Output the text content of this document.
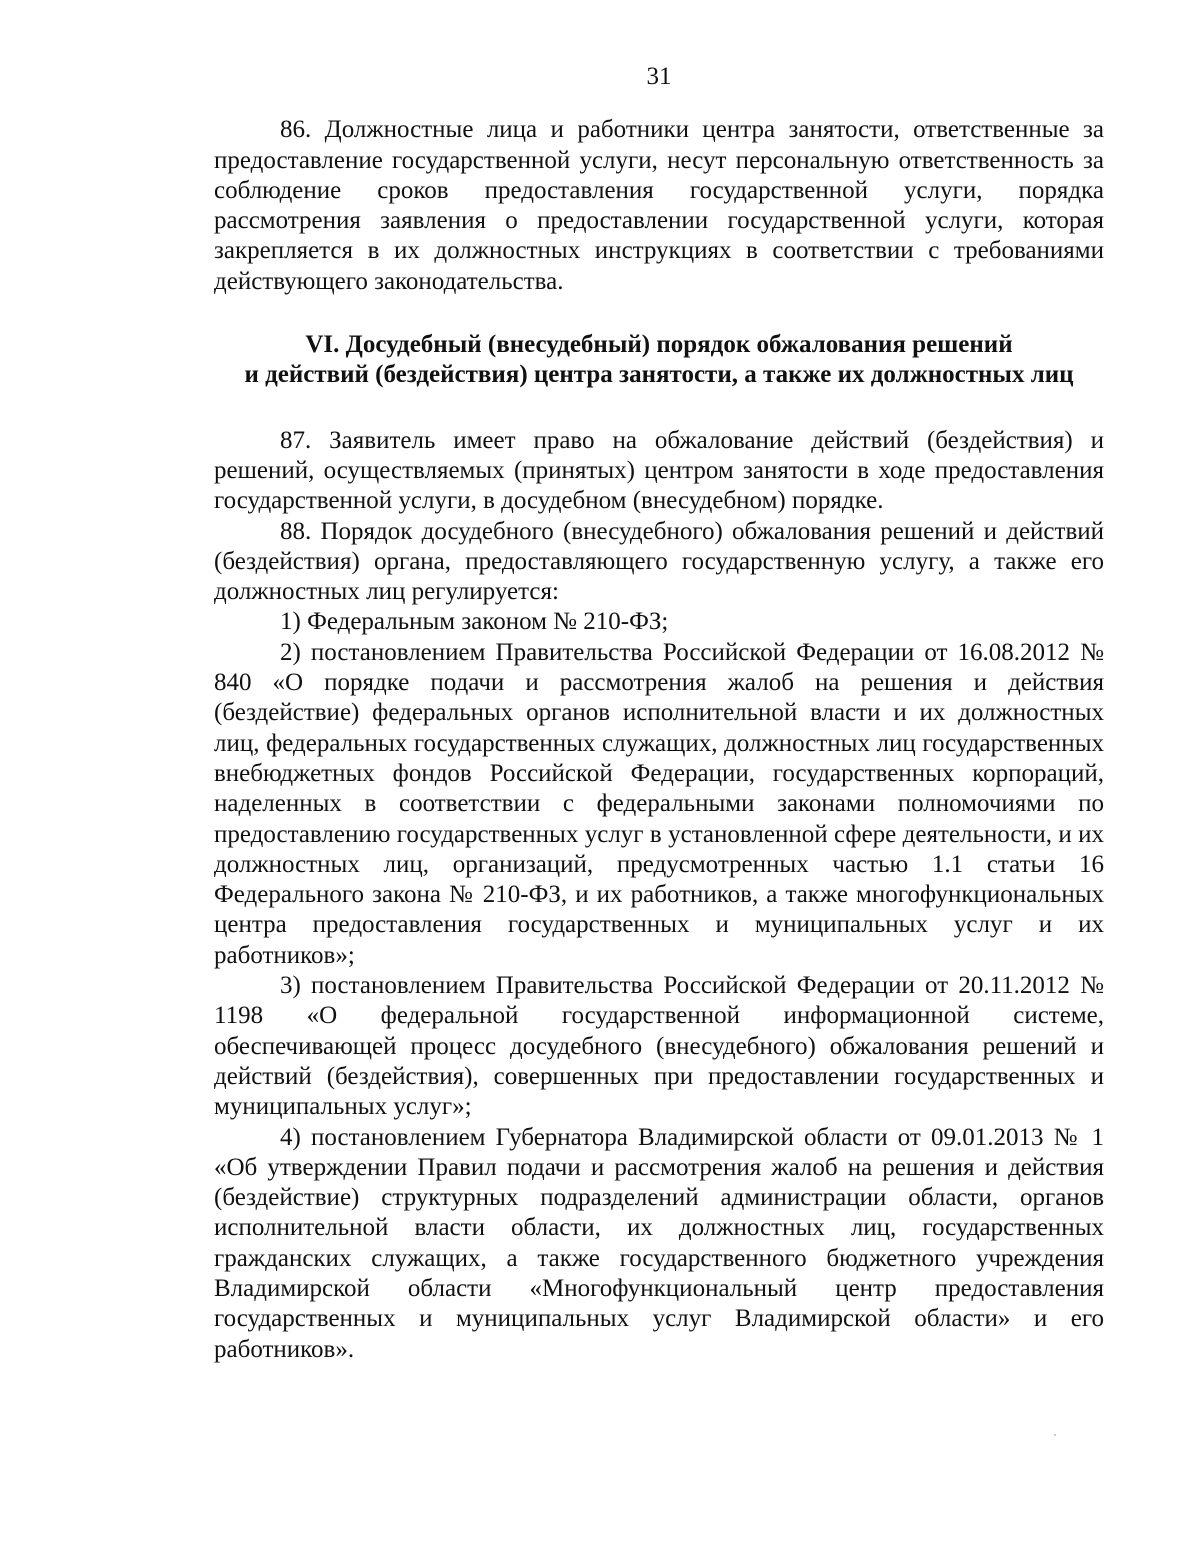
31

86. Должностные лица и работники центра занятости, ответственные за предоставление государственной услуги, несут персональную ответственность за соблюдение сроков предоставления государственной услуги, порядка рассмотрения заявления о предоставлении государственной услуги, которая закрепляется в их должностных инструкциях в соответствии с требованиями действующего законодательства.

VI. Досудебный (внесудебный) порядок обжалования решений
и действий (бездействия) центра занятости, а также их должностных лиц

87. Заявитель имеет право на обжалование действий (бездействия) и решений, осуществляемых (принятых) центром занятости в ходе предоставления государственной услуги, в досудебном (внесудебном) порядке.

88. Порядок досудебного (внесудебного) обжалования решений и действий (бездействия) органа, предоставляющего государственную услугу, а также его должностных лиц регулируется:

1) Федеральным законом № 210-ФЗ;

2) постановлением Правительства Российской Федерации от 16.08.2012 № 840 «О порядке подачи и рассмотрения жалоб на решения и действия (бездействие) федеральных органов исполнительной власти и их должностных лиц, федеральных государственных служащих, должностных лиц государственных внебюджетных фондов Российской Федерации, государственных корпораций, наделенных в соответствии с федеральными законами полномочиями по предоставлению государственных услуг в установленной сфере деятельности, и их должностных лиц, организаций, предусмотренных частью 1.1 статьи 16 Федерального закона № 210-ФЗ, и их работников, а также многофункциональных центра предоставления государственных и муниципальных услуг и их работников»;

3) постановлением Правительства Российской Федерации от 20.11.2012 № 1198 «О федеральной государственной информационной системе, обеспечивающей процесс досудебного (внесудебного) обжалования решений и действий (бездействия), совершенных при предоставлении государственных и муниципальных услуг»;

4) постановлением Губернатора Владимирской области от 09.01.2013 № 1 «Об утверждении Правил подачи и рассмотрения жалоб на решения и действия (бездействие) структурных подразделений администрации области, органов исполнительной власти области, их должностных лиц, государственных гражданских служащих, а также государственного бюджетного учреждения Владимирской области «Многофункциональный центр предоставления государственных и муниципальных услуг Владимирской области» и его работников».
